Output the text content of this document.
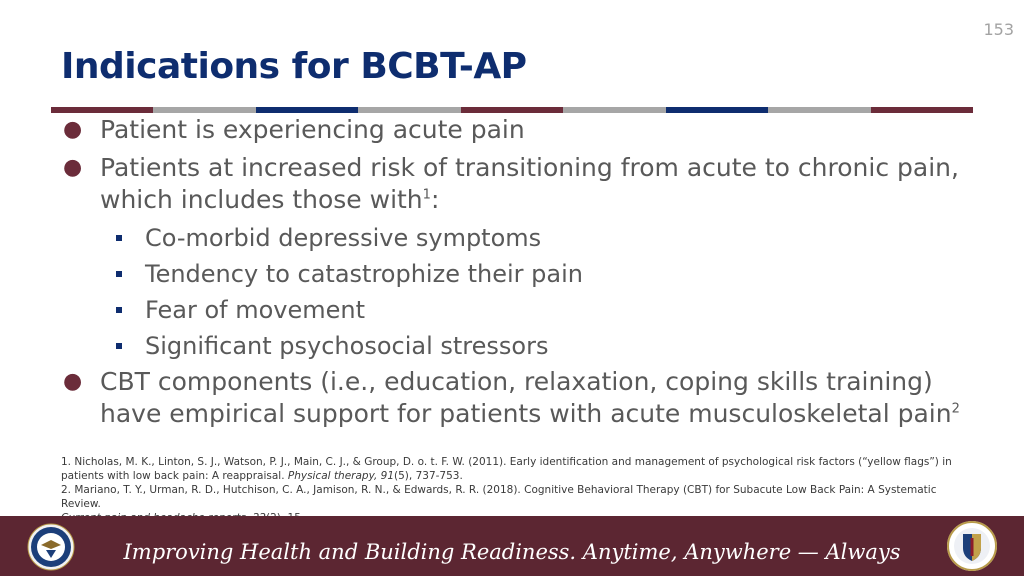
153
Indications for BCBT-AP
● Patient is experiencing acute pain
● Patients at increased risk of transitioning from acute to chronic pain, which includes those with$^1$:
Co-morbid depressive symptoms
Tendency to catastrophize their pain
Fear of movement
Significant psychosocial stressors
● CBT components (i.e., education, relaxation, coping skills training) have empirical support for patients with acute musculoskeletal pain$^2$
1. Nicholas, M. K., Linton, S. J., Watson, P. J., Main, C. J., & Group, D. o. t. F. W. (2011). Early identification and management of psychological risk factors (“yellow flags”) in patients with low back pain: A reappraisal. Physical therapy, 91(5), 737-753.
2. Mariano, T. Y., Urman, R. D., Hutchison, C. A., Jamison, R. N., & Edwards, R. R. (2018). Cognitive Behavioral Therapy (CBT) for Subacute Low Back Pain: A Systematic Review.

Improving Health and Building Readiness. Anytime, Anywhere — Always
